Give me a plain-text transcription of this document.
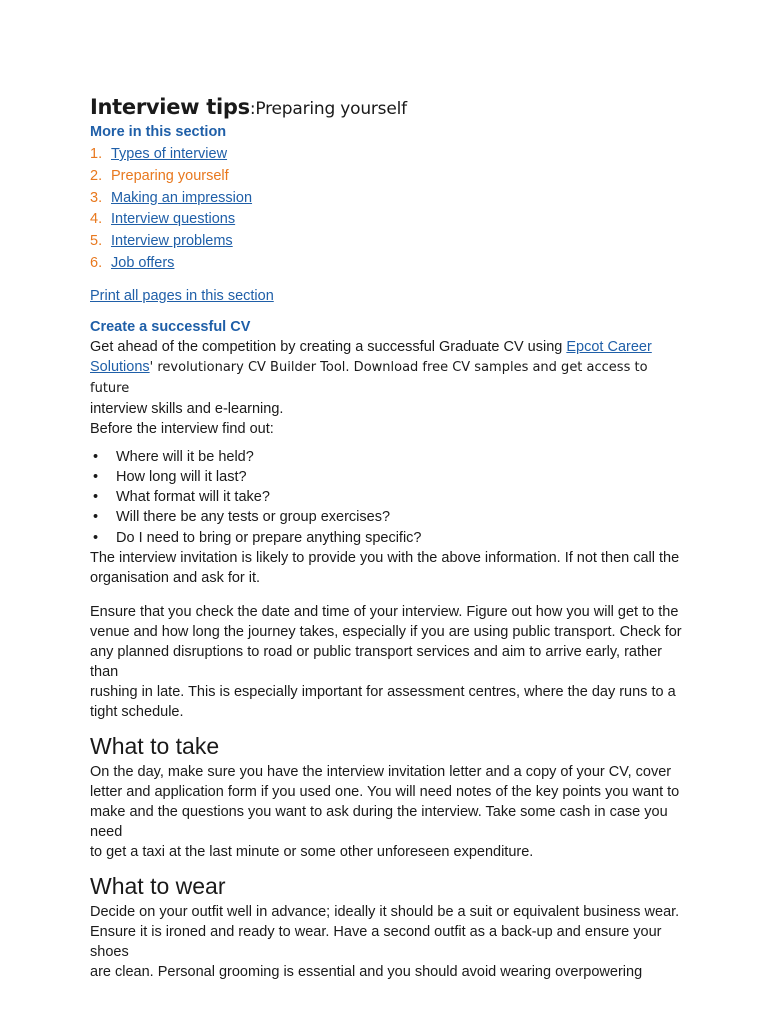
Interview tips:Preparing yourself
More in this section
1. Types of interview
2. Preparing yourself
3. Making an impression
4. Interview questions
5. Interview problems
6. Job offers
Print all pages in this section
Create a successful CV

Get ahead of the competition by creating a successful Graduate CV using Epcot Career Solutions' revolutionary CV Builder Tool. Download free CV samples and get access to future

interview skills and e-learning.

Before the interview find out:

• Where will it be held?
• How long will it last?
• What format will it take?
• Will there be any tests or group exercises?
• Do I need to bring or prepare anything specific?

The interview invitation is likely to provide you with the above information. If not then call the

organisation and ask for it.

Ensure that you check the date and time of your interview. Figure out how you will get to the

venue and how long the journey takes, especially if you are using public transport. Check for

any planned disruptions to road or public transport services and aim to arrive early, rather than

rushing in late. This is especially important for assessment centres, where the day runs to a

tight schedule.

What to take

On the day, make sure you have the interview invitation letter and a copy of your CV, cover

letter and application form if you used one. You will need notes of the key points you want to

make and the questions you want to ask during the interview. Take some cash in case you need

to get a taxi at the last minute or some other unforeseen expenditure.

What to wear

Decide on your outfit well in advance; ideally it should be a suit or equivalent business wear.

Ensure it is ironed and ready to wear. Have a second outfit as a back-up and ensure your shoes

are clean. Personal grooming is essential and you should avoid wearing overpowering
